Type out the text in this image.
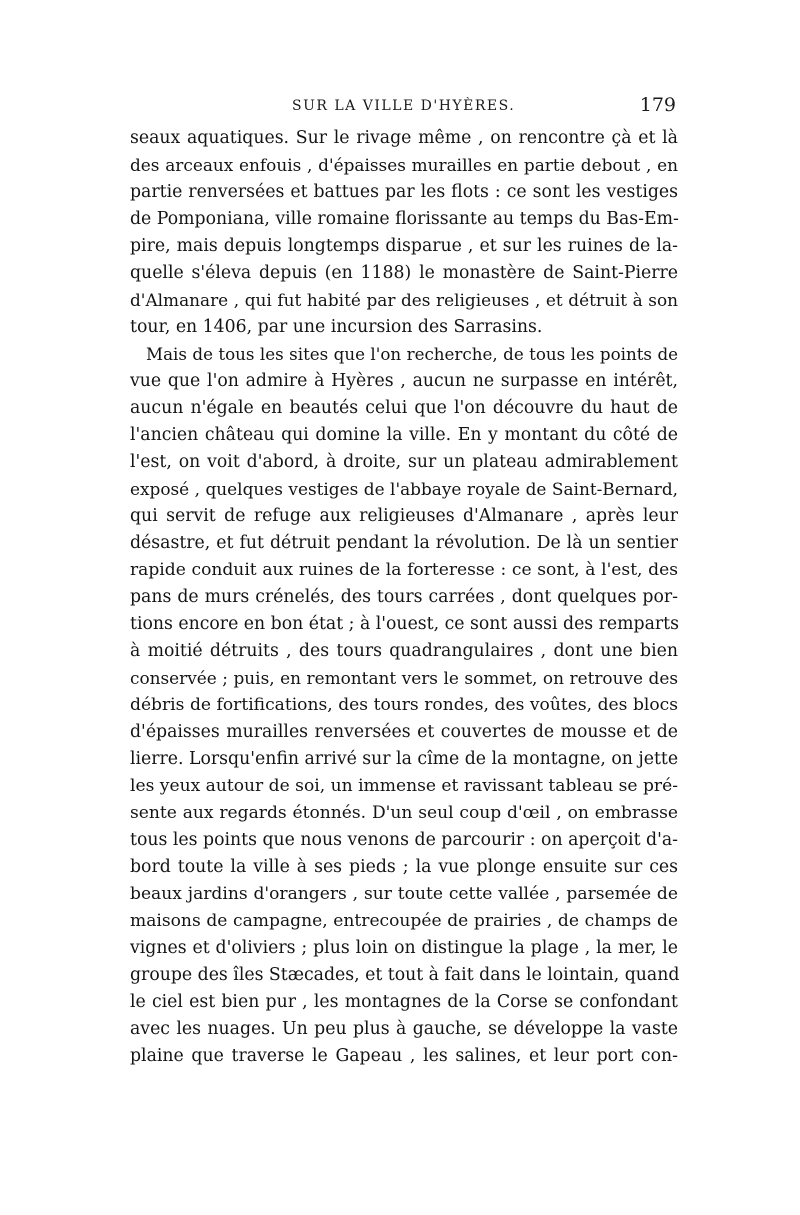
SUR LA VILLE D'HYÈRES.	179
seaux aquatiques. Sur le rivage même , on rencontre çà et là
des arceaux enfouis , d'épaisses murailles en partie debout , en
partie renversées et battues par les flots : ce sont les vestiges
de Pomponiana, ville romaine florissante au temps du Bas-Em-
pire, mais depuis longtemps disparue , et sur les ruines de la-
quelle s'éleva depuis (en 1188) le monastère de Saint-Pierre
d'Almanare , qui fut habité par des religieuses , et détruit à son
tour, en 1406, par une incursion des Sarrasins.
Mais de tous les sites que l'on recherche, de tous les points de
vue que l'on admire à Hyères , aucun ne surpasse en intérêt,
aucun n'égale en beautés celui que l'on découvre du haut de
l'ancien château qui domine la ville. En y montant du côté de
l'est, on voit d'abord, à droite, sur un plateau admirablement
exposé , quelques vestiges de l'abbaye royale de Saint-Bernard,
qui servit de refuge aux religieuses d'Almanare , après leur
désastre, et fut détruit pendant la révolution. De là un sentier
rapide conduit aux ruines de la forteresse : ce sont, à l'est, des
pans de murs crénelés, des tours carrées , dont quelques por-
tions encore en bon état ; à l'ouest, ce sont aussi des remparts
à moitié détruits , des tours quadrangulaires , dont une bien
conservée ; puis, en remontant vers le sommet, on retrouve des
débris de fortifications, des tours rondes, des voûtes, des blocs
d'épaisses murailles renversées et couvertes de mousse et de
lierre. Lorsqu'enfin arrivé sur la cîme de la montagne, on jette
les yeux autour de soi, un immense et ravissant tableau se pré-
sente aux regards étonnés. D'un seul coup d'œil , on embrasse
tous les points que nous venons de parcourir : on aperçoit d'a-
bord toute la ville à ses pieds ; la vue plonge ensuite sur ces
beaux jardins d'orangers , sur toute cette vallée , parsemée de
maisons de campagne, entrecoupée de prairies , de champs de
vignes et d'oliviers ; plus loin on distingue la plage , la mer, le
groupe des îles Stæcades, et tout à fait dans le lointain, quand
le ciel est bien pur , les montagnes de la Corse se confondant
avec les nuages. Un peu plus à gauche, se développe la vaste
plaine que traverse le Gapeau , les salines, et leur port con-
